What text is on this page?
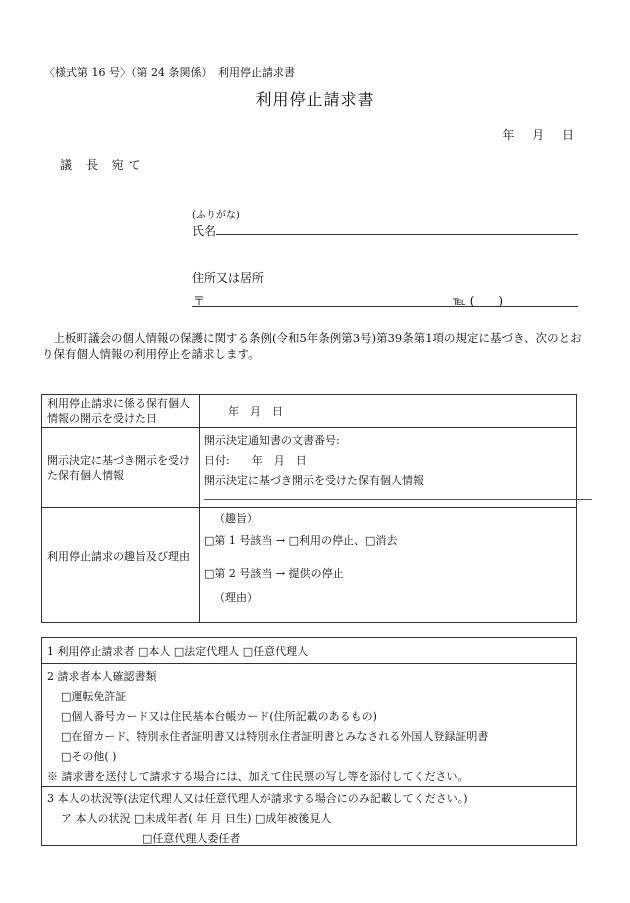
〈様式第 16 号〉（第 24 条関係）　利用停止請求書
利用停止請求書
年 月 日
議 長 宛て
(ふりがな)
氏名
住所又は居所
〒	℡ (　　)
上板町議会の個人情報の保護に関する条例(令和5年条例第3号)第39条第1項の規定に基づき、次のとおり保有個人情報の利用停止を請求します。
利用停止請求に係る保有個人情報の開示を受けた日
年　月　日
開示決定に基づき開示を受けた保有個人情報
開示決定通知書の文書番号:
日付:　　年　月　日
開示決定に基づき開示を受けた保有個人情報
利用停止請求の趣旨及び理由
（趣旨）
□第 1 号該当 → □利用の停止、□消去
□第 2 号該当 → 提供の停止
（理由）
1 利用停止請求者 □本人 □法定代理人 □任意代理人
2 請求者本人確認書類
□運転免許証
□個人番号カード又は住民基本台帳カード(住所記載のあるもの)
□在留カード、特別永住者証明書又は特別永住者証明書とみなされる外国人登録証明書
□その他( )
※ 請求書を送付して請求する場合には、加えて住民票の写し等を添付してください。
3 本人の状況等(法定代理人又は任意代理人が請求する場合にのみ記載してください。)
ア 本人の状況 □未成年者( 年 月 日生) □成年被後見人
□任意代理人委任者
